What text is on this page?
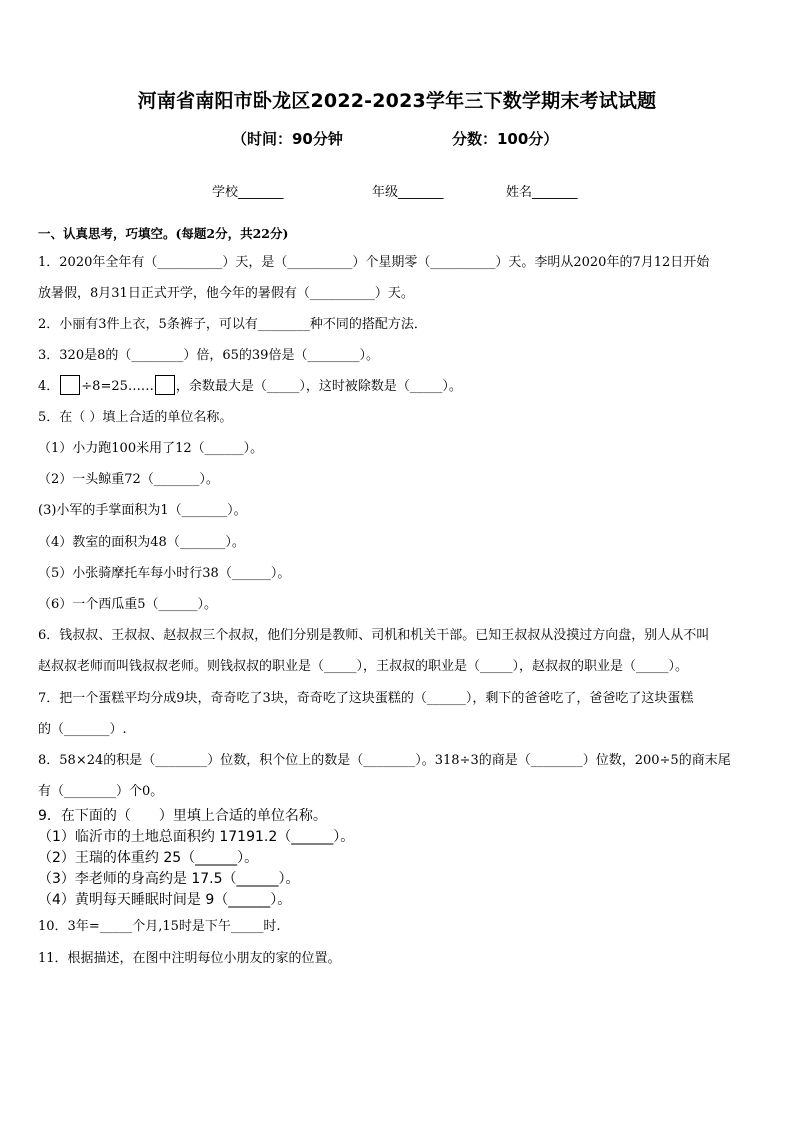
河南省南阳市卧龙区2022-2023学年三下数学期末考试试题
（时间：90分钟	分数：100分）
学校_______	年级_______	姓名_______
一、认真思考，巧填空。(每题2分，共22分)
1．2020年全年有（__________）天，是（__________）个星期零（__________）天。李明从2020年的7月12日开始
放暑假，8月31日正式开学，他今年的暑假有（__________）天。
2．小丽有3件上衣，5条裤子，可以有________种不同的搭配方法．
3．320是8的（________）倍，65的39倍是（________）。
4． ÷8=25…… ，余数最大是（_____），这时被除数是（_____）。
5．在（ ）填上合适的单位名称。
（1）小力跑100米用了12（______）。
（2）一头鲸重72（_______）。
(3)小军的手掌面积为1（_______）。
（4）教室的面积为48（_______）。
（5）小张骑摩托车每小时行38（______）。
（6）一个西瓜重5（______）。
6．钱叔叔、王叔叔、赵叔叔三个叔叔，他们分别是教师、司机和机关干部。已知王叔叔从没摸过方向盘，别人从不叫
赵叔叔老师而叫钱叔叔老师。则钱叔叔的职业是（_____），王叔叔的职业是（_____），赵叔叔的职业是（_____）。
7．把一个蛋糕平均分成9块，奇奇吃了3块，奇奇吃了这块蛋糕的（______），剩下的爸爸吃了，爸爸吃了这块蛋糕
的（_______）.
8．58×24的积是（________）位数，积个位上的数是（________）。318÷3的商是（________）位数，200÷5的商末尾
有（________）个0。
9．在下面的（　　）里填上合适的单位名称。
（1）临沂市的土地总面积约 17191.2（______）。
（2）王瑞的体重约 25（______）。
（3）李老师的身高约是 17.5（______）。
（4）黄明每天睡眠时间是 9（______）。
10．3年=_____个月,15时是下午_____时.
11．根据描述，在图中注明每位小朋友的家的位置。
